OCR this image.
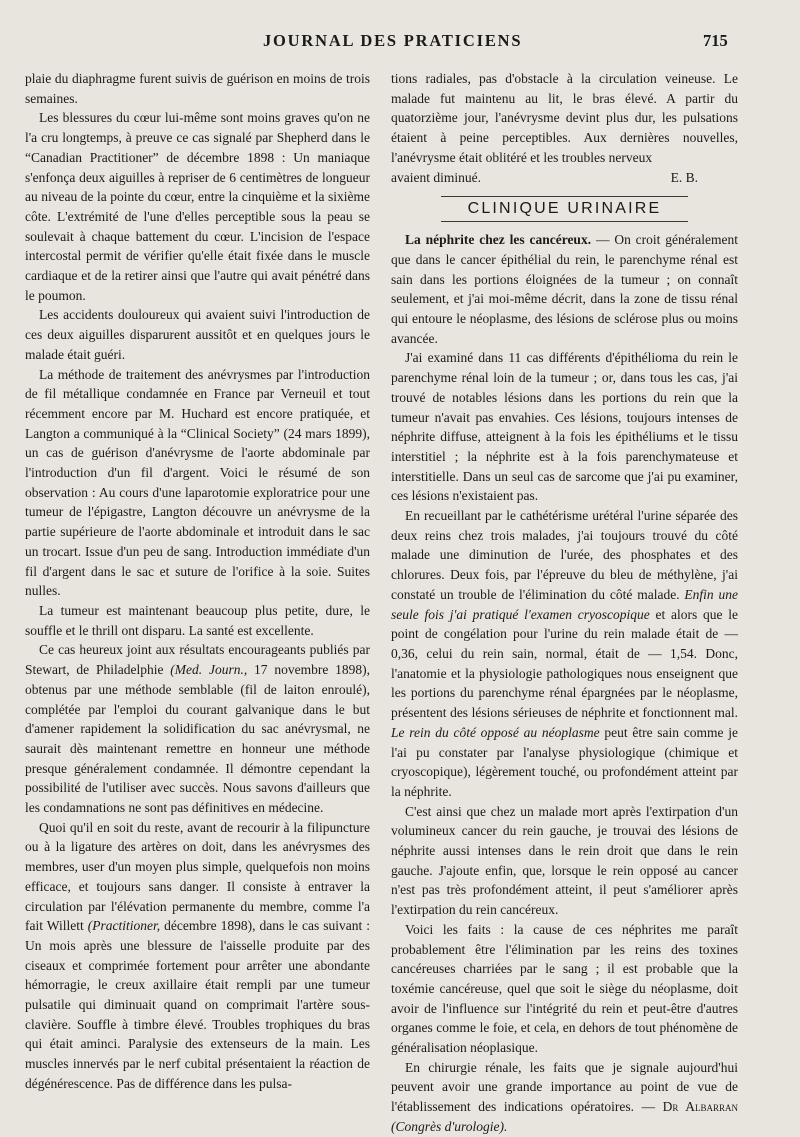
JOURNAL DES PRATICIENS	715

plaie du diaphragme furent suivis de guérison en moins de trois semaines.

Les blessures du cœur lui-même sont moins graves qu'on ne l'a cru longtemps, à preuve ce cas signalé par Shepherd dans le “Canadian Practitioner” de décembre 1898 : Un maniaque s'enfonça deux aiguilles à repriser de 6 centimètres de longueur au niveau de la pointe du cœur, entre la cinquième et la sixième côte. L'extrémité de l'une d'elles perceptible sous la peau se soulevait à chaque battement du cœur. L'incision de l'espace intercostal permit de vérifier qu'elle était fixée dans le muscle cardiaque et de la retirer ainsi que l'autre qui avait pénétré dans le poumon.

Les accidents douloureux qui avaient suivi l'introduction de ces deux aiguilles disparurent aussitôt et en quelques jours le malade était guéri.

La méthode de traitement des anévrysmes par l'introduction de fil métallique condamnée en France par Verneuil et tout récemment encore par M. Huchard est encore pratiquée, et Langton a communiqué à la “Clinical Society” (24 mars 1899), un cas de guérison d'anévrysme de l'aorte abdominale par l'introduction d'un fil d'argent. Voici le résumé de son observation : Au cours d'une laparotomie exploratrice pour une tumeur de l'épigastre, Langton découvre un anévrysme de la partie supérieure de l'aorte abdominale et introduit dans le sac un trocart. Issue d'un peu de sang. Introduction immédiate d'un fil d'argent dans le sac et suture de l'orifice à la soie. Suites nulles.

La tumeur est maintenant beaucoup plus petite, dure, le souffle et le thrill ont disparu. La santé est excellente.

Ce cas heureux joint aux résultats encourageants publiés par Stewart, de Philadelphie (Med. Journ., 17 novembre 1898), obtenus par une méthode semblable (fil de laiton enroulé), complétée par l'emploi du courant galvanique dans le but d'amener rapidement la solidification du sac anévrysmal, ne saurait dès maintenant remettre en honneur une méthode presque généralement condamnée. Il démontre cependant la possibilité de l'utiliser avec succès. Nous savons d'ailleurs que les condamnations ne sont pas définitives en médecine.

Quoi qu'il en soit du reste, avant de recourir à la filipuncture ou à la ligature des artères on doit, dans les anévrysmes des membres, user d'un moyen plus simple, quelquefois non moins efficace, et toujours sans danger. Il consiste à entraver la circulation par l'élévation permanente du membre, comme l'a fait Willett (Practitioner, décembre 1898), dans le cas suivant : Un mois après une blessure de l'aisselle produite par des ciseaux et comprimée fortement pour arrêter une abondante hémorragie, le creux axillaire était rempli par une tumeur pulsatile qui diminuait quand on comprimait l'artère sous-clavière. Souffle à timbre élevé. Troubles trophiques du bras qui était aminci. Paralysie des extenseurs de la main. Les muscles innervés par le nerf cubital présentaient la réaction de dégénérescence. Pas de différence dans les pulsa-

tions radiales, pas d'obstacle à la circulation veineuse. Le malade fut maintenu au lit, le bras élevé. A partir du quatorzième jour, l'anévrysme devint plus dur, les pulsations étaient à peine perceptibles. Aux dernières nouvelles, l'anévrysme était oblitéré et les troubles nerveux

avaient diminué.	E. B.
CLINIQUE URINAIRE

La néphrite chez les cancéreux. — On croit généralement que dans le cancer épithélial du rein, le parenchyme rénal est sain dans les portions éloignées de la tumeur ; on connaît seulement, et j'ai moi-même décrit, dans la zone de tissu rénal qui entoure le néoplasme, des lésions de sclérose plus ou moins avancée.

J'ai examiné dans 11 cas différents d'épithélioma du rein le parenchyme rénal loin de la tumeur ; or, dans tous les cas, j'ai trouvé de notables lésions dans les portions du rein que la tumeur n'avait pas envahies. Ces lésions, toujours intenses de néphrite diffuse, atteignent à la fois les épithéliums et le tissu interstitiel ; la néphrite est à la fois parenchymateuse et interstitielle. Dans un seul cas de sarcome que j'ai pu examiner, ces lésions n'existaient pas.

En recueillant par le cathétérisme urétéral l'urine séparée des deux reins chez trois malades, j'ai toujours trouvé du côté malade une diminution de l'urée, des phosphates et des chlorures. Deux fois, par l'épreuve du bleu de méthylène, j'ai constaté un trouble de l'élimination du côté malade. Enfin une seule fois j'ai pratiqué l'examen cryoscopique et alors que le point de congélation pour l'urine du rein malade était de — 0,36, celui du rein sain, normal, était de — 1,54. Donc, l'anatomie et la physiologie pathologiques nous enseignent que les portions du parenchyme rénal épargnées par le néoplasme, présentent des lésions sérieuses de néphrite et fonctionnent mal. Le rein du côté opposé au néoplasme peut être sain comme je l'ai pu constater par l'analyse physiologique (chimique et cryoscopique), légèrement touché, ou profondément atteint par la néphrite.

C'est ainsi que chez un malade mort après l'extirpation d'un volumineux cancer du rein gauche, je trouvai des lésions de néphrite aussi intenses dans le rein droit que dans le rein gauche. J'ajoute enfin, que, lorsque le rein opposé au cancer n'est pas très profondément atteint, il peut s'améliorer après l'extirpation du rein cancéreux.

Voici les faits : la cause de ces néphrites me paraît probablement être l'élimination par les reins des toxines cancéreuses charriées par le sang ; il est probable que la toxémie cancéreuse, quel que soit le siège du néoplasme, doit avoir de l'influence sur l'intégrité du rein et peut-être d'autres organes comme le foie, et cela, en dehors de tout phénomène de généralisation néoplasique.

En chirurgie rénale, les faits que je signale aujourd'hui peuvent avoir une grande importance au point de vue de l'établissement des indications opératoires. — Dr Albarran (Congrès d'urologie).
